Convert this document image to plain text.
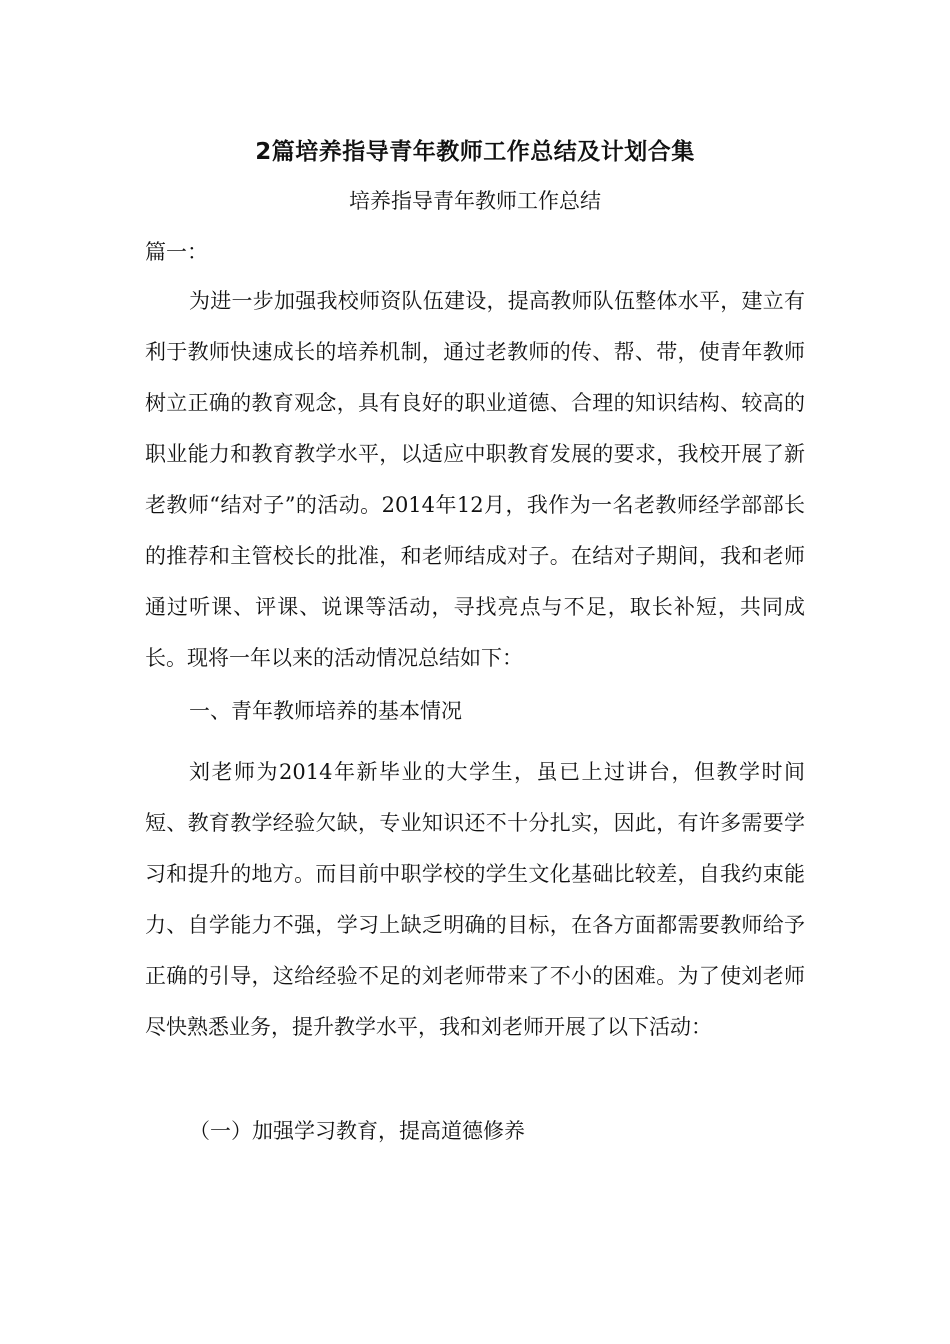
2篇培养指导青年教师工作总结及计划合集

培养指导青年教师工作总结

篇一：

为进一步加强我校师资队伍建设，提高教师队伍整体水平，建立有利于教师快速成长的培养机制，通过老教师的传、帮、带，使青年教师树立正确的教育观念，具有良好的职业道德、合理的知识结构、较高的职业能力和教育教学水平，以适应中职教育发展的要求，我校开展了新老教师“结对子”的活动。2014年12月，我作为一名老教师经学部部长的推荐和主管校长的批准，和老师结成对子。在结对子期间，我和老师通过听课、评课、说课等活动，寻找亮点与不足，取长补短，共同成长。现将一年以来的活动情况总结如下：

一、青年教师培养的基本情况

刘老师为2014年新毕业的大学生，虽已上过讲台，但教学时间短、教育教学经验欠缺，专业知识还不十分扎实，因此，有许多需要学习和提升的地方。而目前中职学校的学生文化基础比较差，自我约束能力、自学能力不强，学习上缺乏明确的目标，在各方面都需要教师给予正确的引导，这给经验不足的刘老师带来了不小的困难。为了使刘老师尽快熟悉业务，提升教学水平，我和刘老师开展了以下活动：

（一）加强学习教育，提高道德修养
